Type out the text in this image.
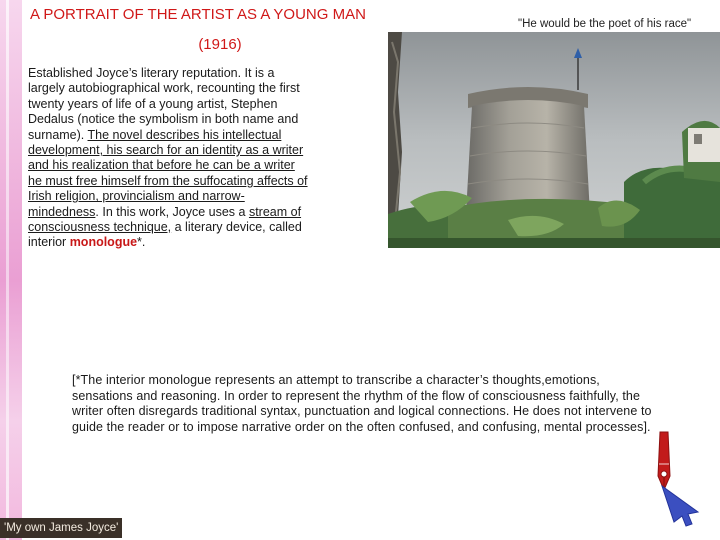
A PORTRAIT OF THE ARTIST AS A YOUNG MAN
(1916)
"He would be the poet of his race"
Established Joyce’s literary reputation. It is a largely autobiographical work, recounting the first twenty years of life of a young artist, Stephen Dedalus (notice the symbolism in both name and surname). The novel describes his intellectual development, his search for an identity as a writer and his realization that before he can be a writer he must free himself from the suffocating affects of Irish religion, provincialism and narrow-mindedness. In this work, Joyce uses a stream of consciousness technique, a literary device, called interior monologue*.
[*The interior monologue represents an attempt to transcribe a character’s thoughts,emotions, sensations and reasoning. In order to represent the rhythm of the flow of consciousness faithfully, the writer often disregards traditional syntax, punctuation and logical connections. He does not intervene to guide the reader or to impose narrative order on the often confused, and confusing, mental processes].
'My own James Joyce'
